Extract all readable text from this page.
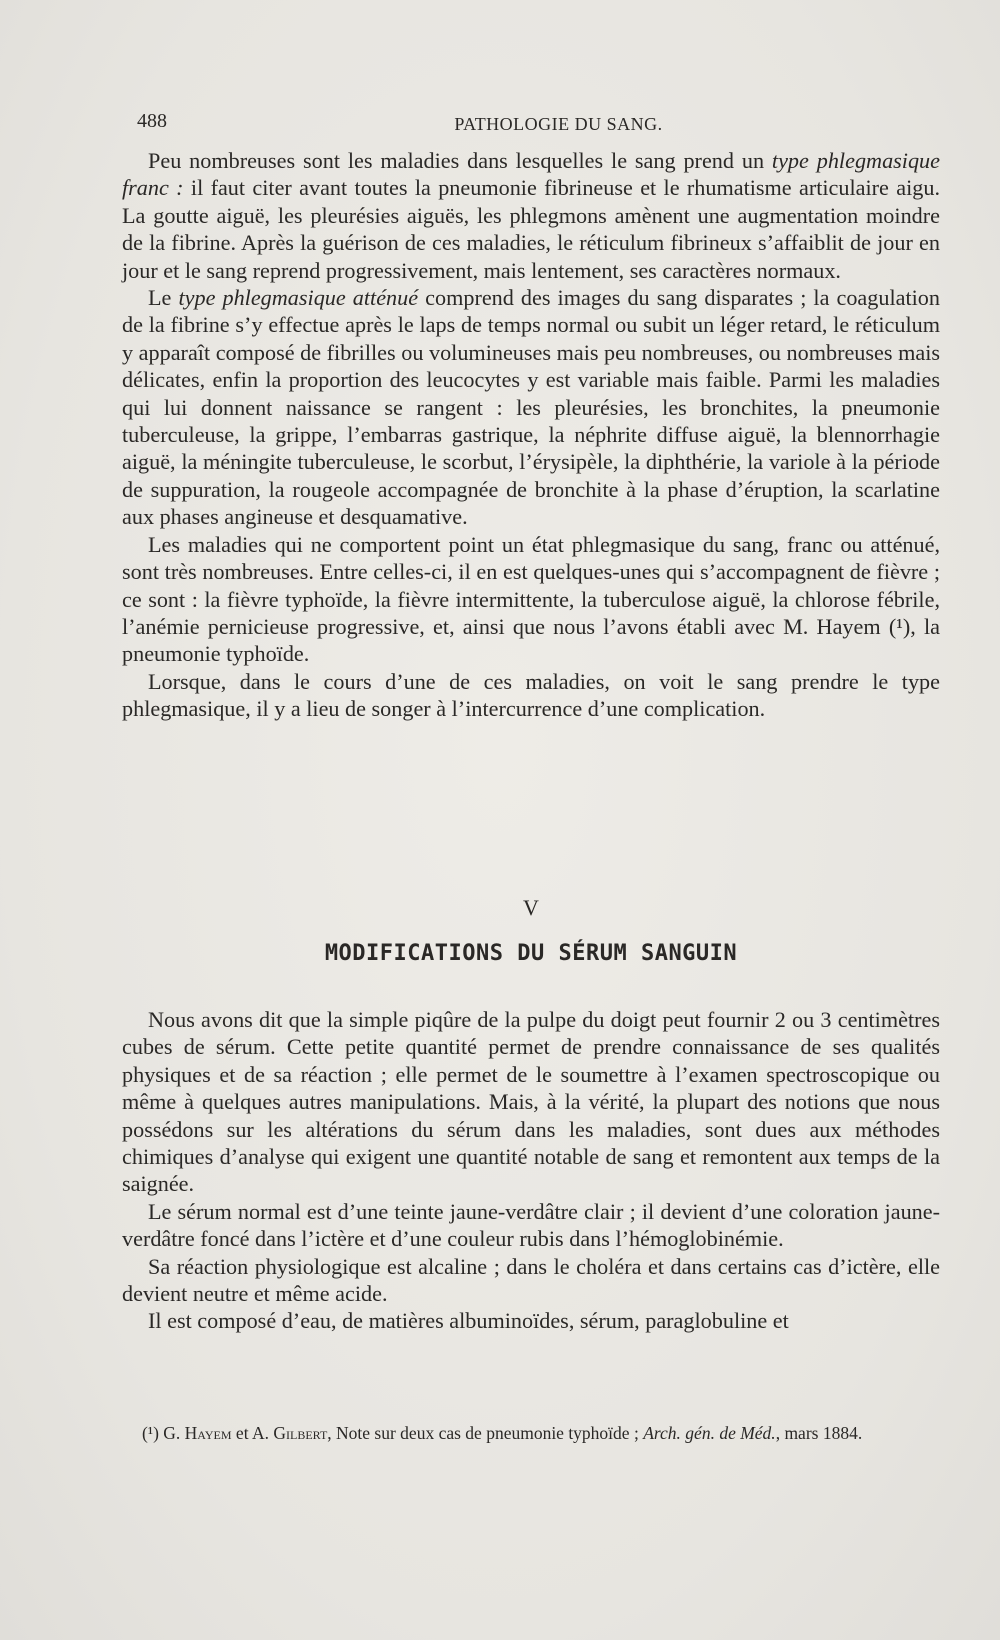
488	PATHOLOGIE DU SANG.

Peu nombreuses sont les maladies dans lesquelles le sang prend un type phlegmasique franc : il faut citer avant toutes la pneumonie fibrineuse et le rhumatisme articulaire aigu. La goutte aiguë, les pleurésies aiguës, les phlegmons amènent une augmentation moindre de la fibrine. Après la guérison de ces maladies, le réticulum fibrineux s’affaiblit de jour en jour et le sang reprend progressivement, mais lentement, ses caractères normaux.

Le type phlegmasique atténué comprend des images du sang disparates ; la coagulation de la fibrine s’y effectue après le laps de temps normal ou subit un léger retard, le réticulum y apparaît composé de fibrilles ou volumineuses mais peu nombreuses, ou nombreuses mais délicates, enfin la proportion des leucocytes y est variable mais faible. Parmi les maladies qui lui donnent naissance se rangent : les pleurésies, les bronchites, la pneumonie tuberculeuse, la grippe, l’embarras gastrique, la néphrite diffuse aiguë, la blennorrhagie aiguë, la méningite tuberculeuse, le scorbut, l’érysipèle, la diphthérie, la variole à la période de suppuration, la rougeole accompagnée de bronchite à la phase d’éruption, la scarlatine aux phases angineuse et desquamative.

Les maladies qui ne comportent point un état phlegmasique du sang, franc ou atténué, sont très nombreuses. Entre celles-ci, il en est quelques-unes qui s’accompagnent de fièvre ; ce sont : la fièvre typhoïde, la fièvre intermittente, la tuberculose aiguë, la chlorose fébrile, l’anémie pernicieuse progressive, et, ainsi que nous l’avons établi avec M. Hayem (¹), la pneumonie typhoïde.

Lorsque, dans le cours d’une de ces maladies, on voit le sang prendre le type phlegmasique, il y a lieu de songer à l’intercurrence d’une complication.

V
MODIFICATIONS DU SÉRUM SANGUIN

Nous avons dit que la simple piqûre de la pulpe du doigt peut fournir 2 ou 3 centimètres cubes de sérum. Cette petite quantité permet de prendre connaissance de ses qualités physiques et de sa réaction ; elle permet de le soumettre à l’examen spectroscopique ou même à quelques autres manipulations. Mais, à la vérité, la plupart des notions que nous possédons sur les altérations du sérum dans les maladies, sont dues aux méthodes chimiques d’analyse qui exigent une quantité notable de sang et remontent aux temps de la saignée.

Le sérum normal est d’une teinte jaune-verdâtre clair ; il devient d’une coloration jaune-verdâtre foncé dans l’ictère et d’une couleur rubis dans l’hémoglobinémie.

Sa réaction physiologique est alcaline ; dans le choléra et dans certains cas d’ictère, elle devient neutre et même acide.

Il est composé d’eau, de matières albuminoïdes, sérum, paraglobuline et

(¹) G. Hayem et A. Gilbert, Note sur deux cas de pneumonie typhoïde ; Arch. gén. de Méd., mars 1884.
